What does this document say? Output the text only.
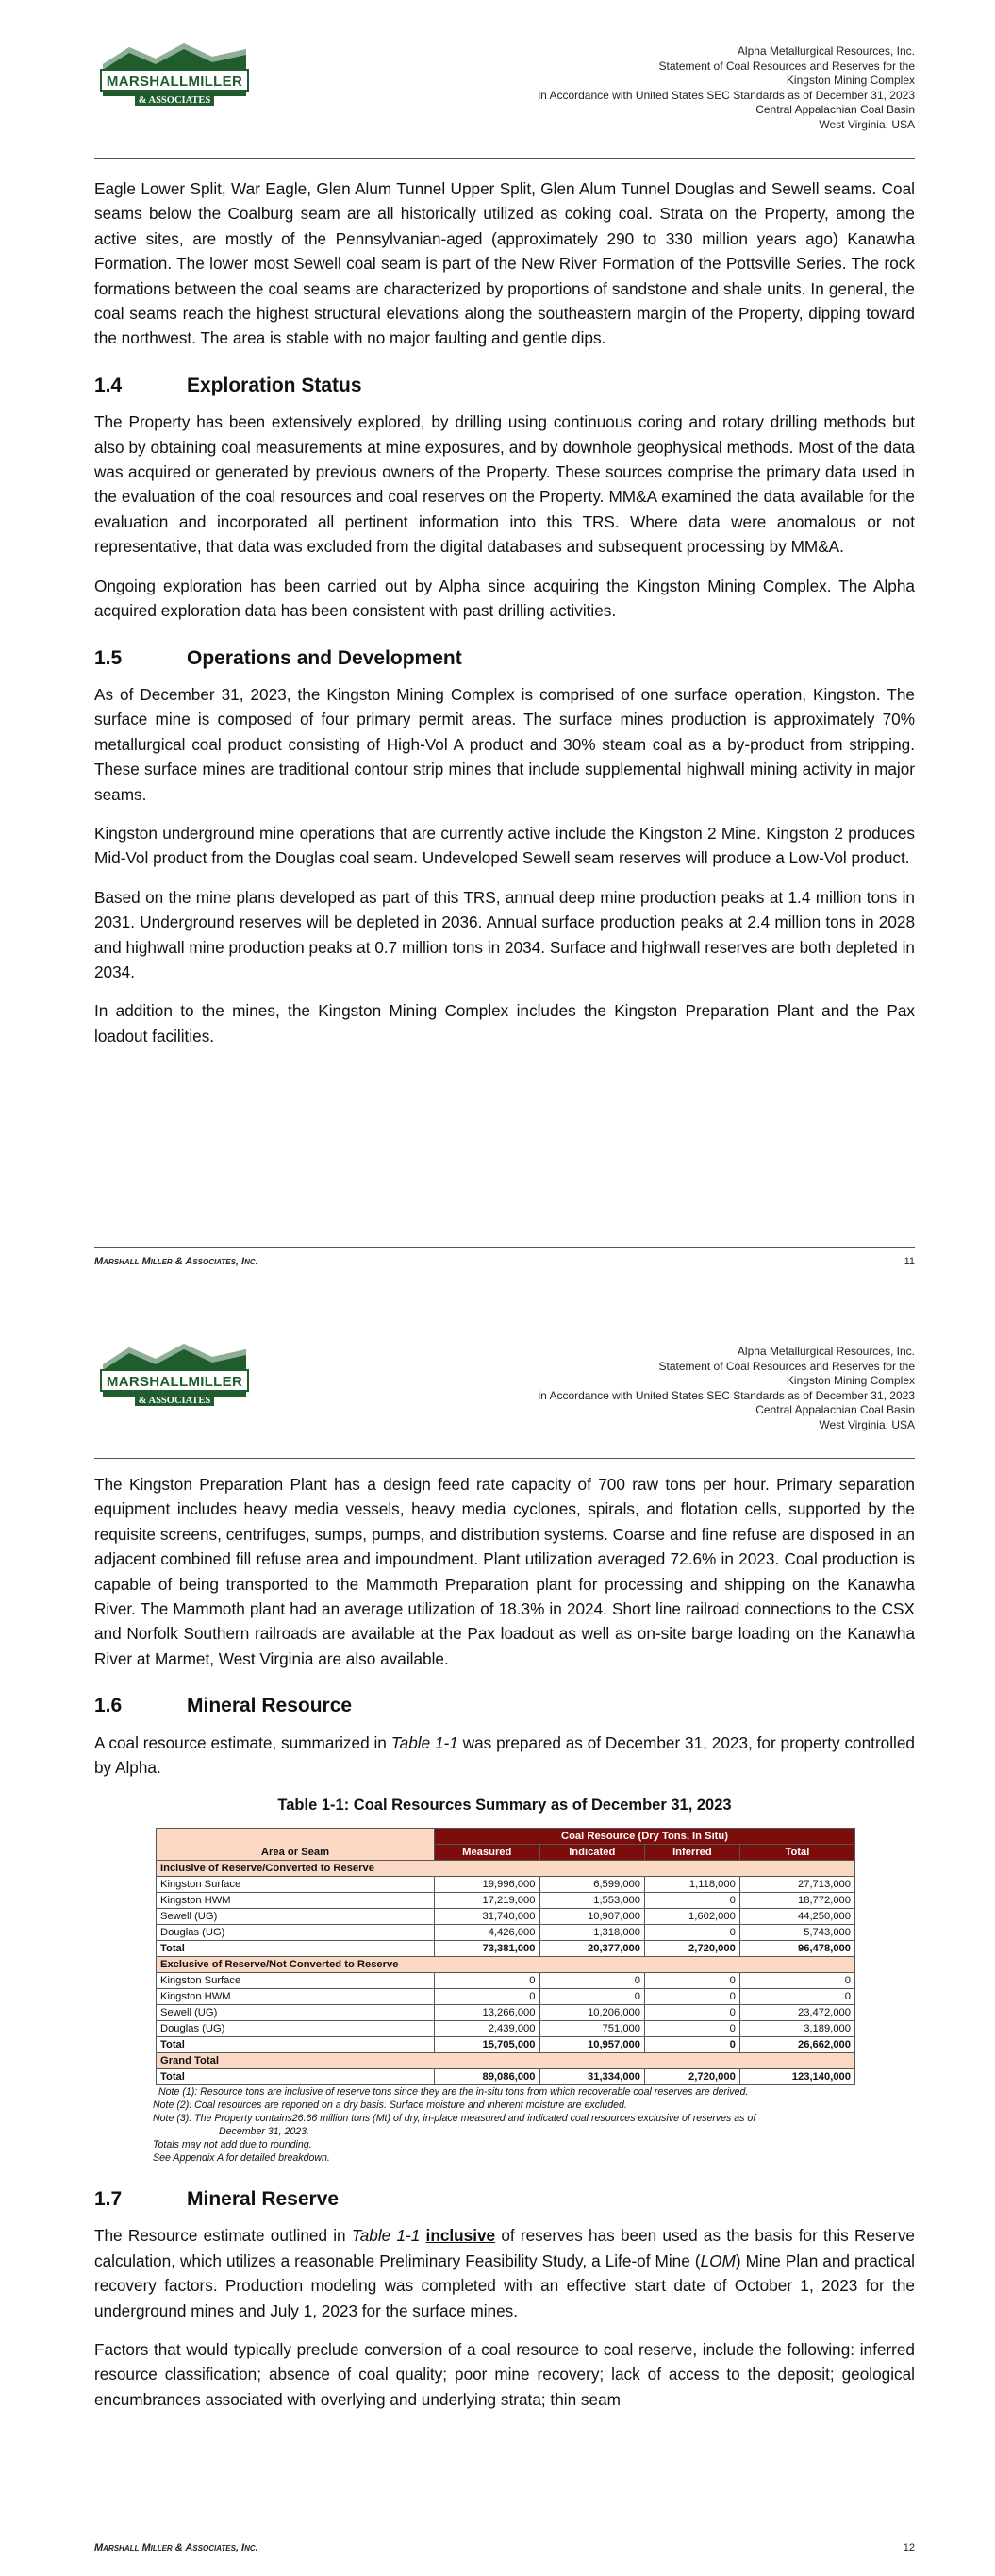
MARSHALLMILLER
& ASSOCIATES
Alpha Metallurgical Resources, Inc.
Statement of Coal Resources and Reserves for the
Kingston Mining Complex
in Accordance with United States SEC Standards as of December 31, 2023
Central Appalachian Coal Basin
West Virginia, USA

Eagle Lower Split, War Eagle, Glen Alum Tunnel Upper Split, Glen Alum Tunnel Douglas and Sewell seams. Coal seams below the Coalburg seam are all historically utilized as coking coal. Strata on the Property, among the active sites, are mostly of the Pennsylvanian-aged (approximately 290 to 330 million years ago) Kanawha Formation. The lower most Sewell coal seam is part of the New River Formation of the Pottsville Series. The rock formations between the coal seams are characterized by proportions of sandstone and shale units. In general, the coal seams reach the highest structural elevations along the southeastern margin of the Property, dipping toward the northwest. The area is stable with no major faulting and gentle dips.

1.4	Exploration Status

The Property has been extensively explored, by drilling using continuous coring and rotary drilling methods but also by obtaining coal measurements at mine exposures, and by downhole geophysical methods. Most of the data was acquired or generated by previous owners of the Property. These sources comprise the primary data used in the evaluation of the coal resources and coal reserves on the Property. MM&A examined the data available for the evaluation and incorporated all pertinent information into this TRS. Where data were anomalous or not representative, that data was excluded from the digital databases and subsequent processing by MM&A.

Ongoing exploration has been carried out by Alpha since acquiring the Kingston Mining Complex. The Alpha acquired exploration data has been consistent with past drilling activities.

1.5	Operations and Development

As of December 31, 2023, the Kingston Mining Complex is comprised of one surface operation, Kingston. The surface mine is composed of four primary permit areas. The surface mines production is approximately 70% metallurgical coal product consisting of High-Vol A product and 30% steam coal as a by-product from stripping. These surface mines are traditional contour strip mines that include supplemental highwall mining activity in major seams.

Kingston underground mine operations that are currently active include the Kingston 2 Mine. Kingston 2 produces Mid-Vol product from the Douglas coal seam. Undeveloped Sewell seam reserves will produce a Low-Vol product.

Based on the mine plans developed as part of this TRS, annual deep mine production peaks at 1.4 million tons in 2031. Underground reserves will be depleted in 2036. Annual surface production peaks at 2.4 million tons in 2028 and highwall mine production peaks at 0.7 million tons in 2034. Surface and highwall reserves are both depleted in 2034.

In addition to the mines, the Kingston Mining Complex includes the Kingston Preparation Plant and the Pax loadout facilities.

Marshall Miller & Associates, Inc.	11
MARSHALLMILLER
& ASSOCIATES
Alpha Metallurgical Resources, Inc.
Statement of Coal Resources and Reserves for the
Kingston Mining Complex
in Accordance with United States SEC Standards as of December 31, 2023
Central Appalachian Coal Basin
West Virginia, USA

The Kingston Preparation Plant has a design feed rate capacity of 700 raw tons per hour. Primary separation equipment includes heavy media vessels, heavy media cyclones, spirals, and flotation cells, supported by the requisite screens, centrifuges, sumps, pumps, and distribution systems. Coarse and fine refuse are disposed in an adjacent combined fill refuse area and impoundment. Plant utilization averaged 72.6% in 2023. Coal production is capable of being transported to the Mammoth Preparation plant for processing and shipping on the Kanawha River. The Mammoth plant had an average utilization of 18.3% in 2024. Short line railroad connections to the CSX and Norfolk Southern railroads are available at the Pax loadout as well as on-site barge loading on the Kanawha River at Marmet, West Virginia are also available.

1.6	Mineral Resource

A coal resource estimate, summarized in Table 1-1 was prepared as of December 31, 2023, for property controlled by Alpha.

Table 1-1: Coal Resources Summary as of December 31, 2023
Area or Seam	Coal Resource (Dry Tons, In Situ)			
	Measured	Indicated	Inferred	Total
Inclusive of Reserve/Converted to Reserve				
Kingston Surface	19,996,000	6,599,000	1,118,000	27,713,000
Kingston HWM	17,219,000	1,553,000	0	18,772,000
Sewell (UG)	31,740,000	10,907,000	1,602,000	44,250,000
Douglas (UG)	4,426,000	1,318,000	0	5,743,000
Total	73,381,000	20,377,000	2,720,000	96,478,000
Exclusive of Reserve/Not Converted to Reserve				
Kingston Surface	0	0	0	0
Kingston HWM	0	0	0	0
Sewell (UG)	13,266,000	10,206,000	0	23,472,000
Douglas (UG)	2,439,000	751,000	0	3,189,000
Total	15,705,000	10,957,000	0	26,662,000
Grand Total				
Total	89,086,000	31,334,000	2,720,000	123,140,000
Note (1): Resource tons are inclusive of reserve tons since they are the in-situ tons from which recoverable coal reserves are derived.
Note (2): Coal resources are reported on a dry basis. Surface moisture and inherent moisture are excluded.
Note (3): The Property contains26.66 million tons (Mt) of dry, in-place measured and indicated coal resources exclusive of reserves as of
December 31, 2023.
Totals may not add due to rounding.
See Appendix A for detailed breakdown.
1.7	Mineral Reserve

The Resource estimate outlined in Table 1-1 inclusive of reserves has been used as the basis for this Reserve calculation, which utilizes a reasonable Preliminary Feasibility Study, a Life-of Mine (LOM) Mine Plan and practical recovery factors. Production modeling was completed with an effective start date of October 1, 2023 for the underground mines and July 1, 2023 for the surface mines.

Factors that would typically preclude conversion of a coal resource to coal reserve, include the following: inferred resource classification; absence of coal quality; poor mine recovery; lack of access to the deposit; geological encumbrances associated with overlying and underlying strata; thin seam

Marshall Miller & Associates, Inc.	12
